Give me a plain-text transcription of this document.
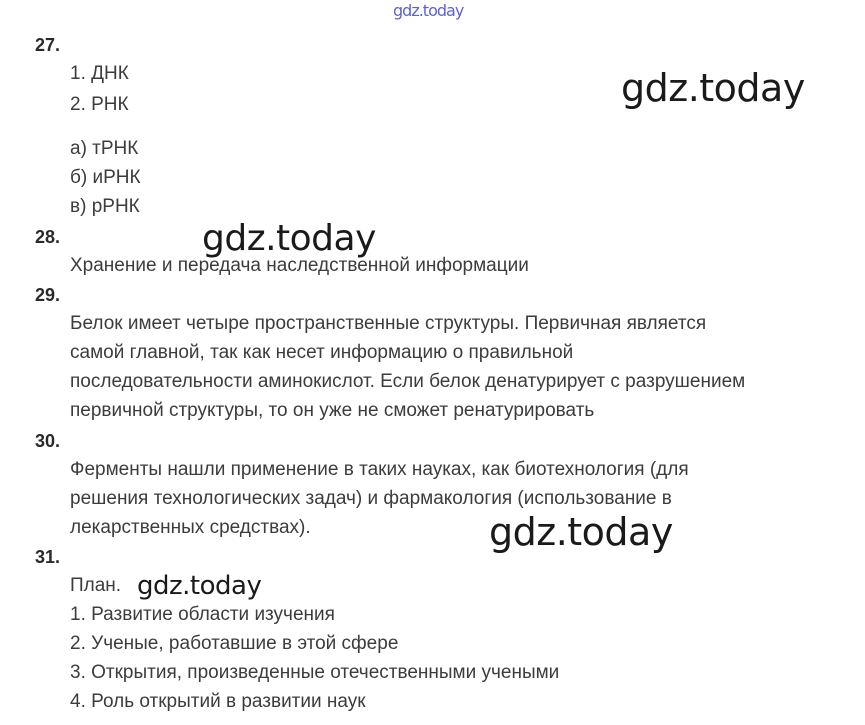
gdz.today
gdz.today
gdz.today
gdz.today
gdz.today
27.
1. ДНК
2. РНК
а) тРНК
б) иРНК
в) рРНК
28.
Хранение и передача наследственной информации
29.
Белок имеет четыре пространственные структуры. Первичная является
самой главной, так как несет информацию о правильной
последовательности аминокислот. Если белок денатурирует с разрушением
первичной структуры, то он уже не сможет ренатурировать
30.
Ферменты нашли применение в таких науках, как биотехнология (для
решения технологических задач) и фармакология (использование в
лекарственных средствах).
31.
План.
1. Развитие области изучения
2. Ученые, работавшие в этой сфере
3. Открытия, произведенные отечественными учеными
4. Роль открытий в развитии наук
